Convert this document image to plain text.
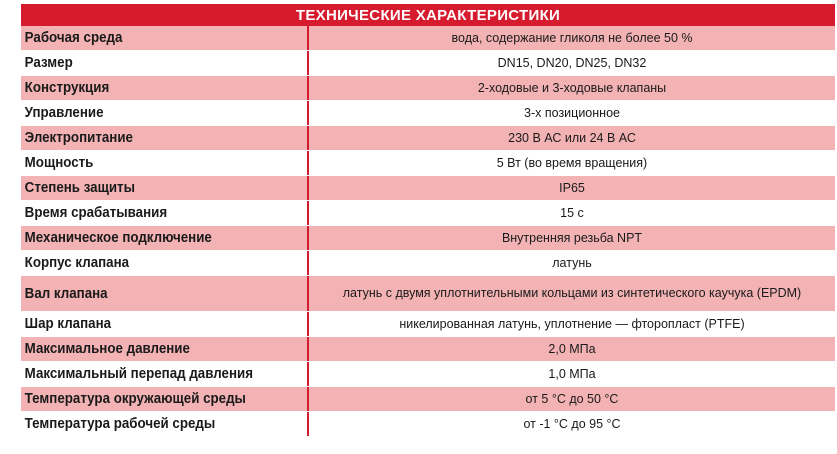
ТЕХНИЧЕСКИЕ ХАРАКТЕРИСТИКИ
Рабочая среда	вода, содержание гликоля не более 50 %
Размер	DN15, DN20, DN25, DN32
Конструкция	2-ходовые и 3-ходовые клапаны
Управление	3-х позиционное
Электропитание	230 В АС или 24 В АС
Мощность	5 Вт (во время вращения)
Степень защиты	IP65
Время срабатывания	15 с
Механическое подключение	Внутренняя резьба NPT
Корпус клапана	латунь
Вал клапана	латунь с двумя уплотнительными кольцами из синтетического каучука (EPDM)
Шар клапана	никелированная латунь, уплотнение — фторопласт (PTFE)
Максимальное давление	2,0 МПа
Максимальный перепад давления	1,0 МПа
Температура окружающей среды	от 5 °С до 50 °С
Температура рабочей среды	от -1 °С до 95 °С
